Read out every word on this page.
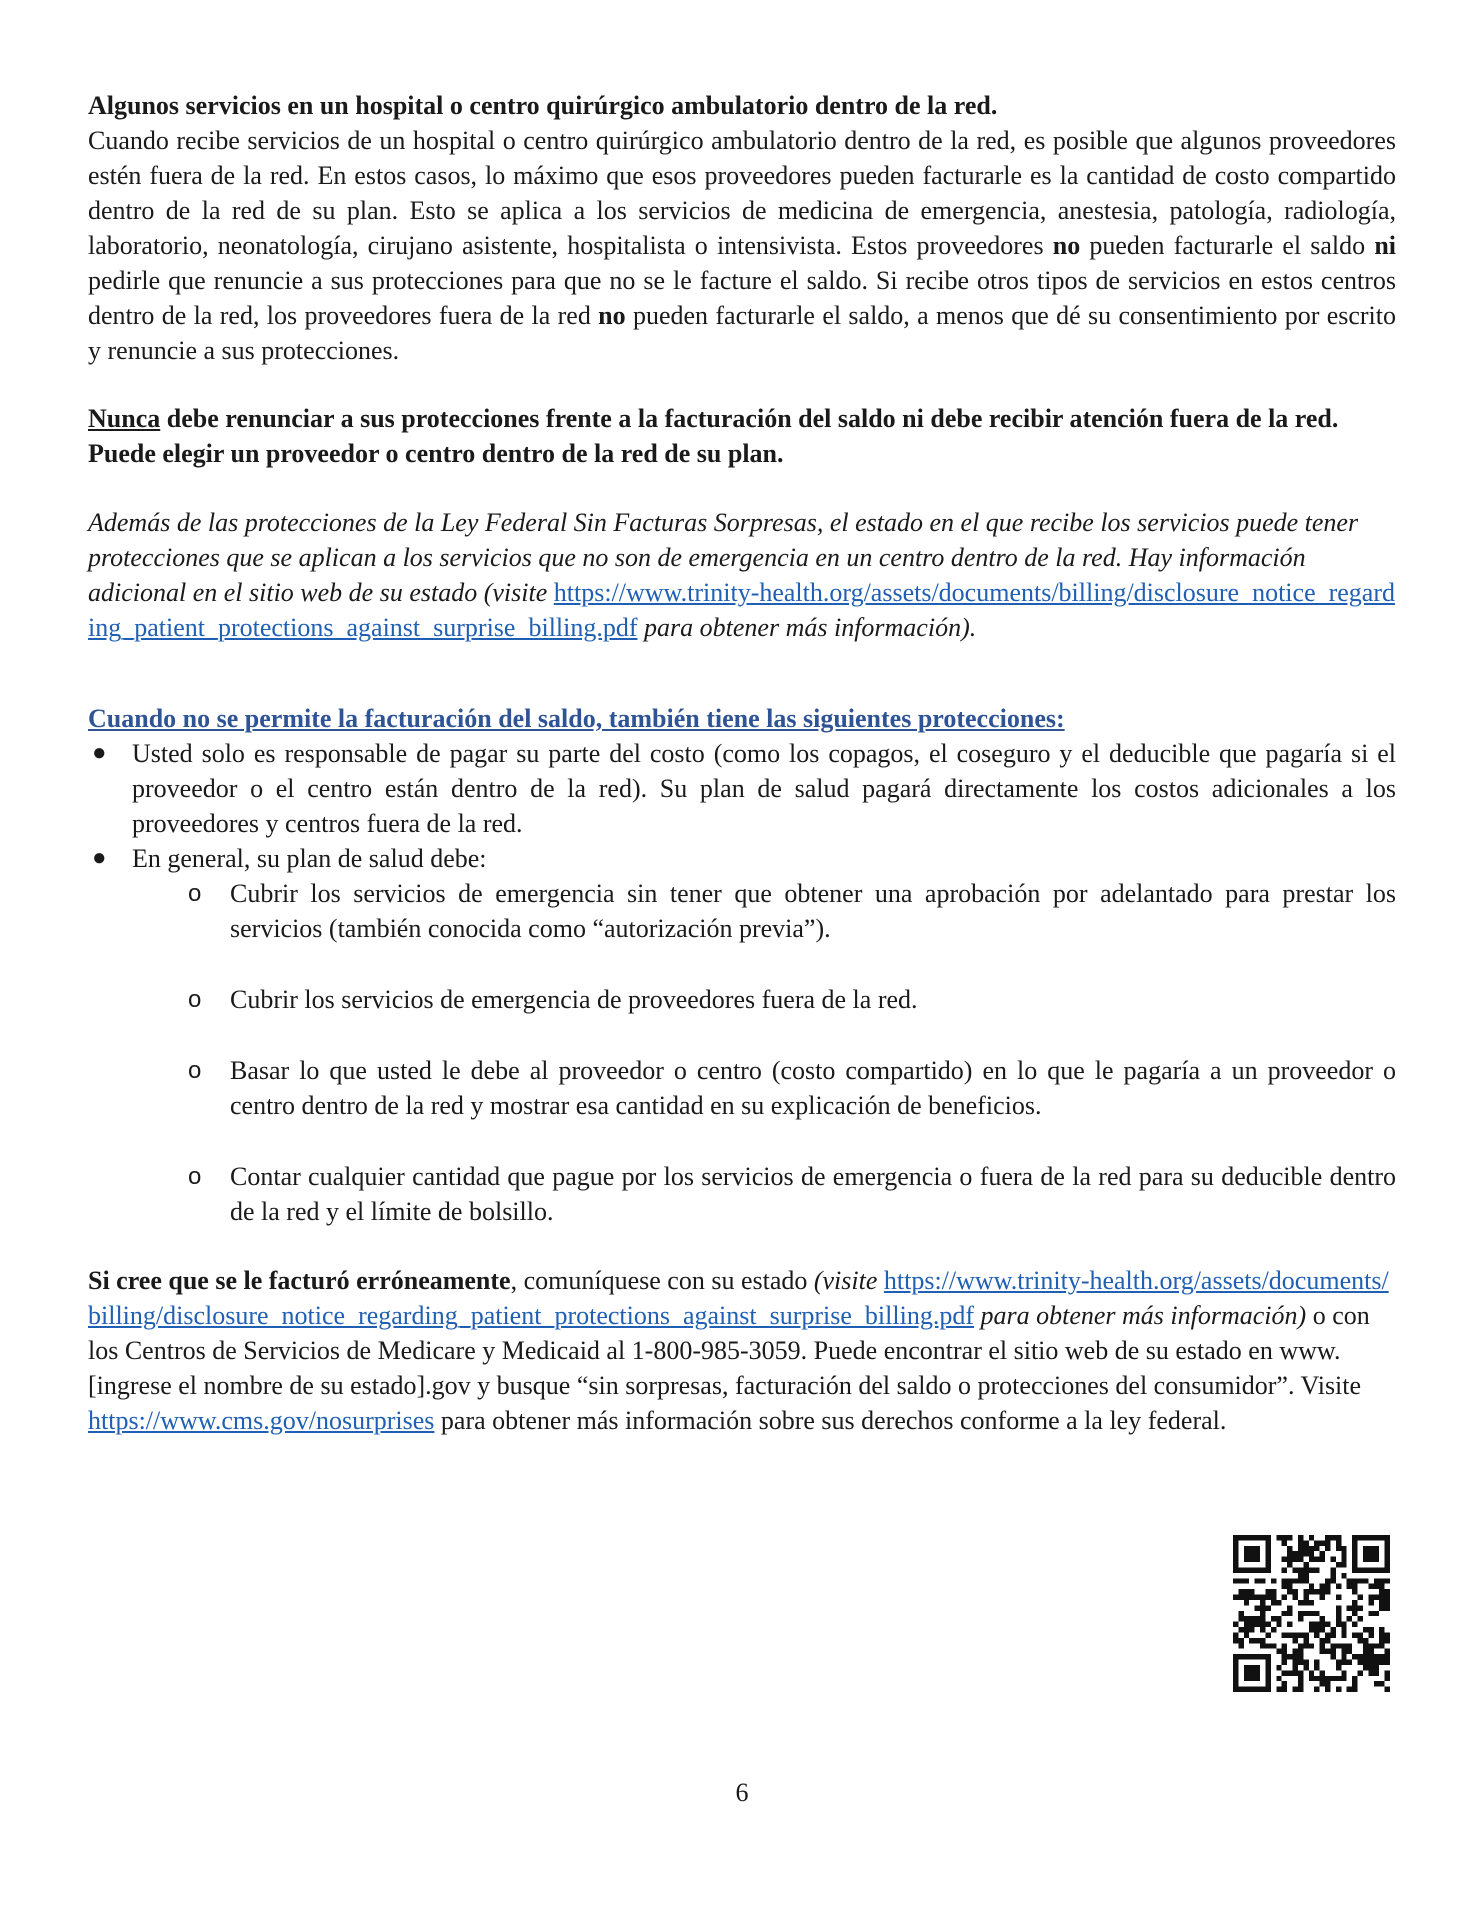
Algunos servicios en un hospital o centro quirúrgico ambulatorio dentro de la red.

Cuando recibe servicios de un hospital o centro quirúrgico ambulatorio dentro de la red, es posible que algunos proveedores estén fuera de la red. En estos casos, lo máximo que esos proveedores pueden facturarle es la cantidad de costo compartido dentro de la red de su plan. Esto se aplica a los servicios de medicina de emergencia, anestesia, patología, radiología, laboratorio, neonatología, cirujano asistente, hospitalista o intensivista. Estos proveedores no pueden facturarle el saldo ni pedirle que renuncie a sus protecciones para que no se le facture el saldo. Si recibe otros tipos de servicios en estos centros dentro de la red, los proveedores fuera de la red no pueden facturarle el saldo, a menos que dé su consentimiento por escrito y renuncie a sus protecciones.

Nunca debe renunciar a sus protecciones frente a la facturación del saldo ni debe recibir atención fuera de la red. Puede elegir un proveedor o centro dentro de la red de su plan.

Además de las protecciones de la Ley Federal Sin Facturas Sorpresas, el estado en el que recibe los servicios puede tener protecciones que se aplican a los servicios que no son de emergencia en un centro dentro de la red. Hay información adicional en el sitio web de su estado (visite https://www.trinity-health.org/assets/documents/billing/disclosure_notice_regarding_patient_protections_against_surprise_billing.pdf para obtener más información).

Cuando no se permite la facturación del saldo, también tiene las siguientes protecciones:

● Usted solo es responsable de pagar su parte del costo (como los copagos, el coseguro y el deducible que pagaría si el proveedor o el centro están dentro de la red). Su plan de salud pagará directamente los costos adicionales a los proveedores y centros fuera de la red.
● En general, su plan de salud debe:
o Cubrir los servicios de emergencia sin tener que obtener una aprobación por adelantado para prestar los servicios (también conocida como “autorización previa”).
o Cubrir los servicios de emergencia de proveedores fuera de la red.
o Basar lo que usted le debe al proveedor o centro (costo compartido) en lo que le pagaría a un proveedor o centro dentro de la red y mostrar esa cantidad en su explicación de beneficios.
o Contar cualquier cantidad que pague por los servicios de emergencia o fuera de la red para su deducible dentro de la red y el límite de bolsillo.

Si cree que se le facturó erróneamente, comuníquese con su estado (visite https://www.trinity-health.org/assets/documents/billing/disclosure_notice_regarding_patient_protections_against_surprise_billing.pdf para obtener más información) o con los Centros de Servicios de Medicare y Medicaid al 1-800-985-3059. Puede encontrar el sitio web de su estado en www.[ingrese el nombre de su estado].gov y busque “sin sorpresas, facturación del saldo o protecciones del consumidor”. Visite https://www.cms.gov/nosurprises para obtener más información sobre sus derechos conforme a la ley federal.

6
